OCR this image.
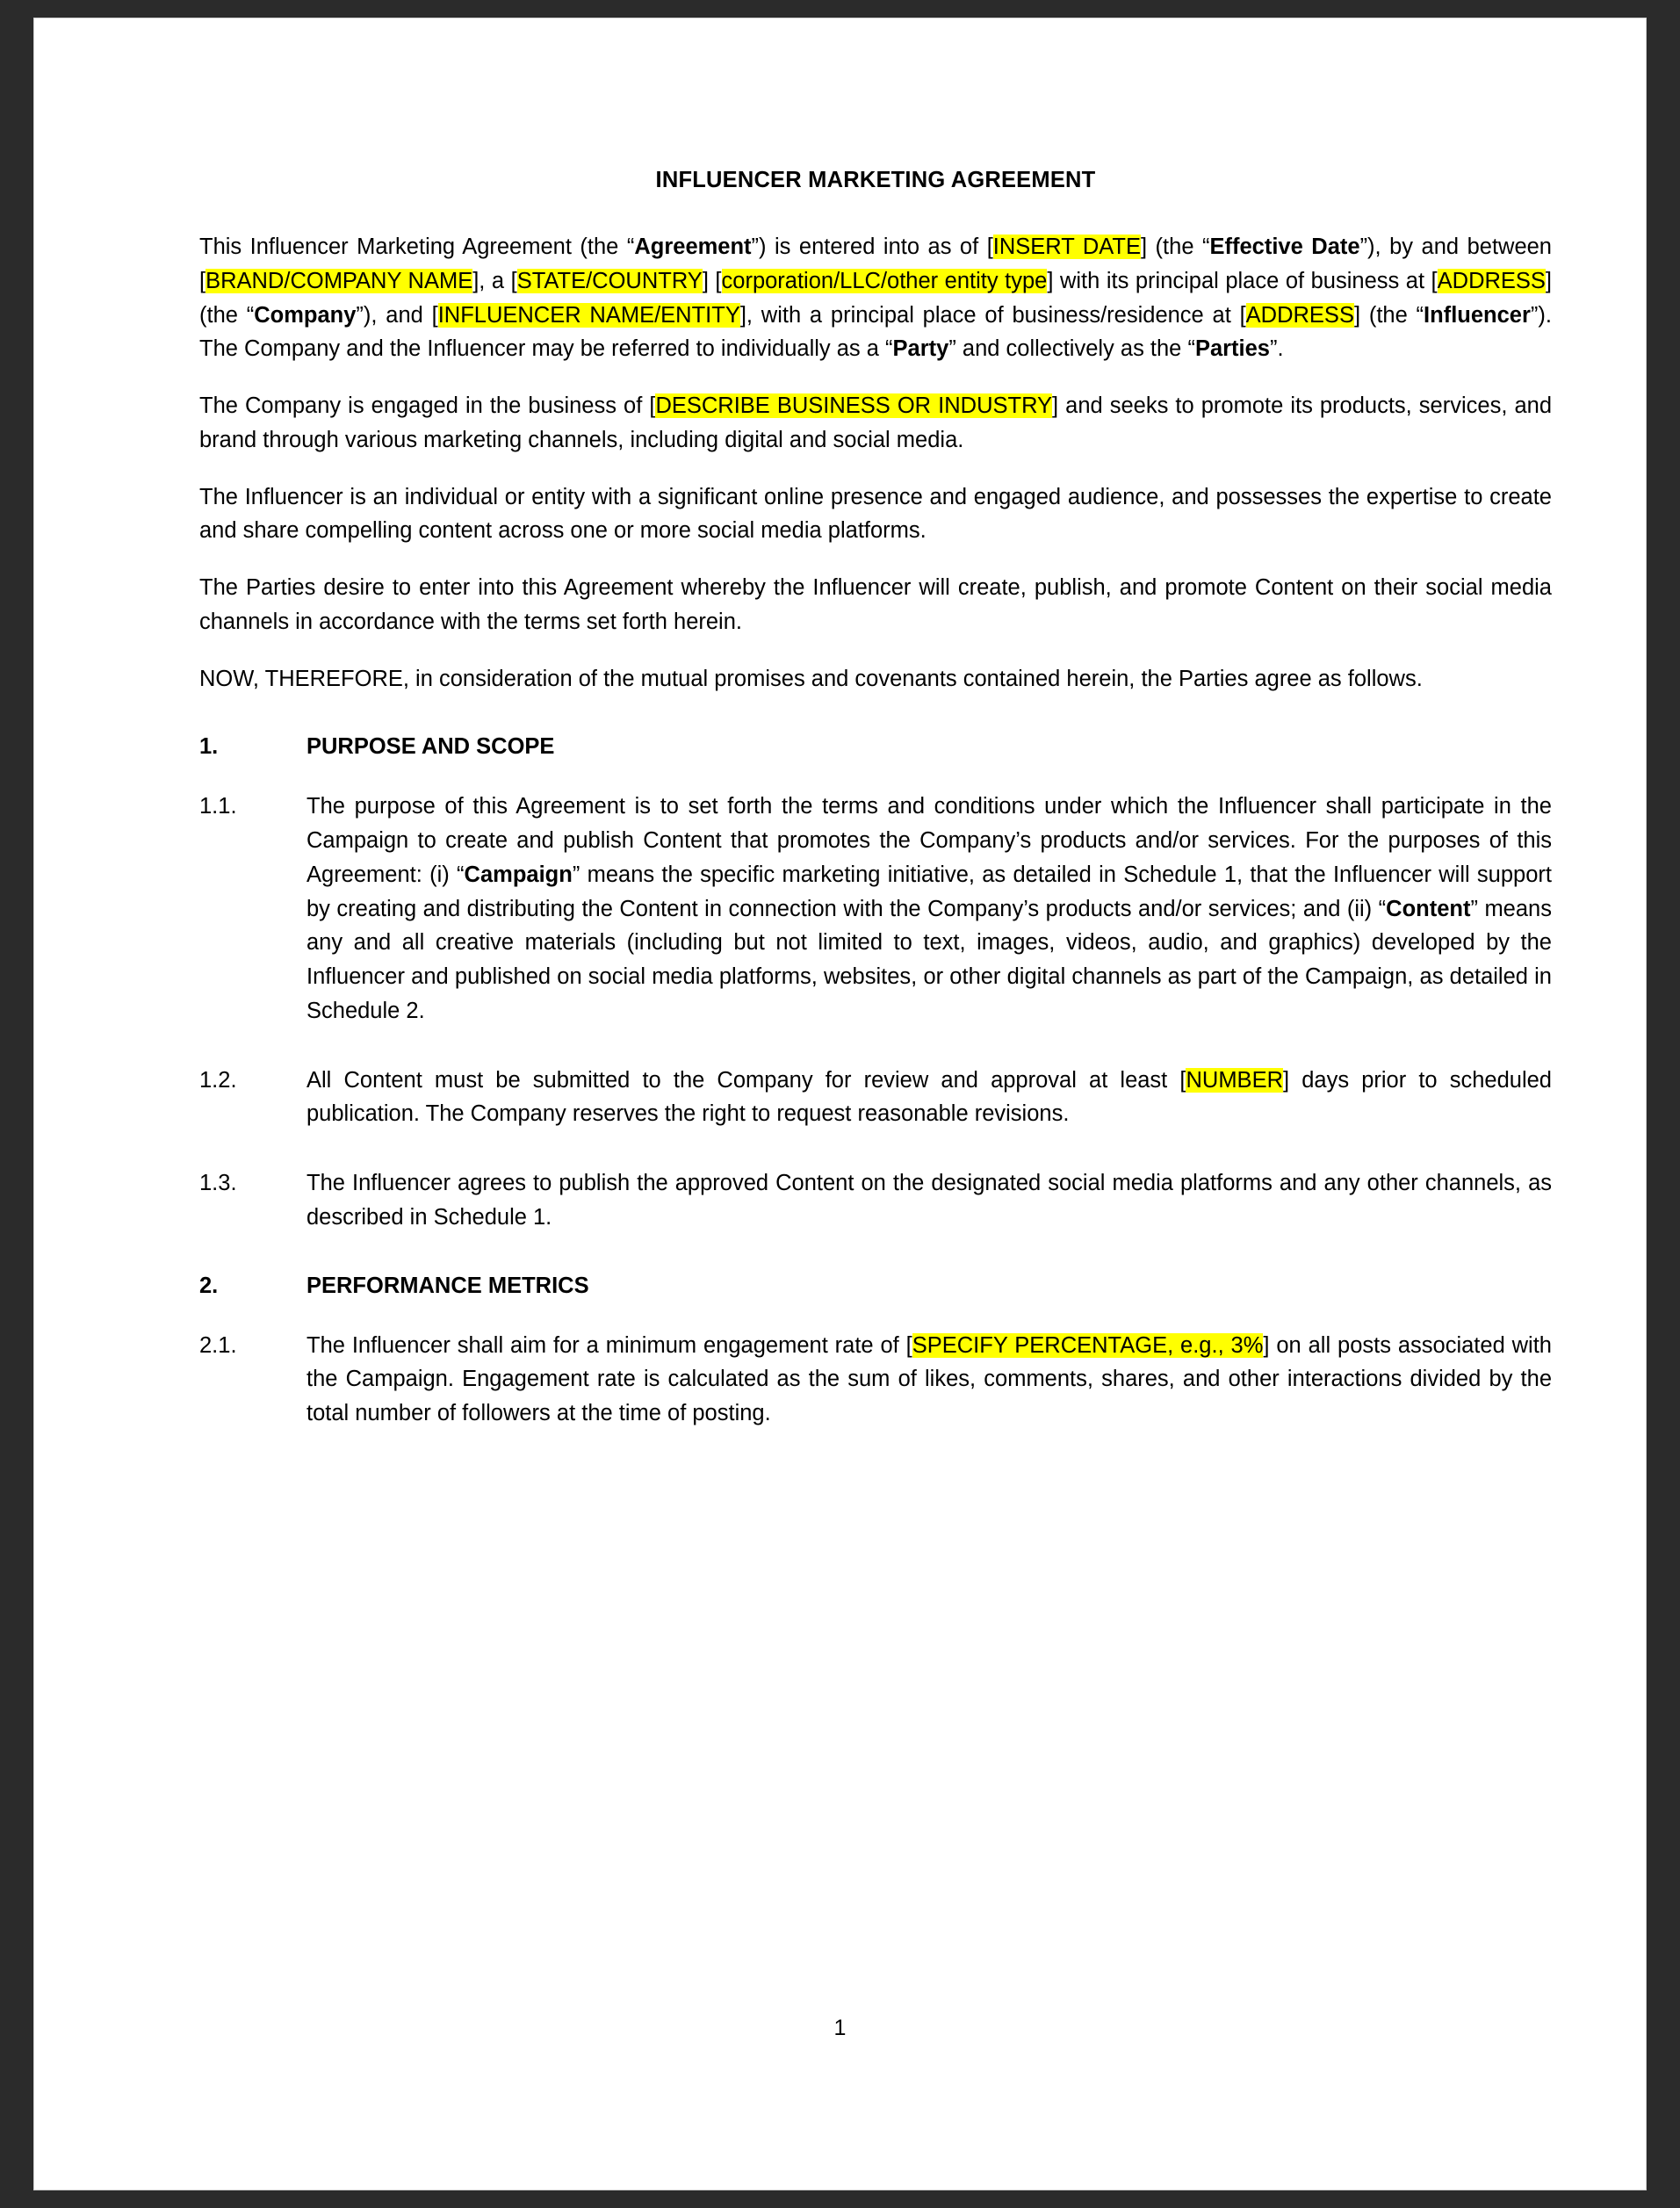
INFLUENCER MARKETING AGREEMENT

This Influencer Marketing Agreement (the “Agreement”) is entered into as of [INSERT DATE] (the “Effective Date”), by and between [BRAND/COMPANY NAME], a [STATE/COUNTRY] [corporation/LLC/other entity type] with its principal place of business at [ADDRESS] (the “Company”), and [INFLUENCER NAME/ENTITY], with a principal place of business/residence at [ADDRESS] (the “Influencer”). The Company and the Influencer may be referred to individually as a “Party” and collectively as the “Parties”.

The Company is engaged in the business of [DESCRIBE BUSINESS OR INDUSTRY] and seeks to promote its products, services, and brand through various marketing channels, including digital and social media.

The Influencer is an individual or entity with a significant online presence and engaged audience, and possesses the expertise to create and share compelling content across one or more social media platforms.

The Parties desire to enter into this Agreement whereby the Influencer will create, publish, and promote Content on their social media channels in accordance with the terms set forth herein.

NOW, THEREFORE, in consideration of the mutual promises and covenants contained herein, the Parties agree as follows.

1.	PURPOSE AND SCOPE
1.1.	The purpose of this Agreement is to set forth the terms and conditions under which the Influencer shall participate in the Campaign to create and publish Content that promotes the Company’s products and/or services. For the purposes of this Agreement: (i) “Campaign” means the specific marketing initiative, as detailed in Schedule 1, that the Influencer will support by creating and distributing the Content in connection with the Company’s products and/or services; and (ii) “Content” means any and all creative materials (including but not limited to text, images, videos, audio, and graphics) developed by the Influencer and published on social media platforms, websites, or other digital channels as part of the Campaign, as detailed in Schedule 2.
1.2.	All Content must be submitted to the Company for review and approval at least [NUMBER] days prior to scheduled publication. The Company reserves the right to request reasonable revisions.
1.3.	The Influencer agrees to publish the approved Content on the designated social media platforms and any other channels, as described in Schedule 1.
2.	PERFORMANCE METRICS
2.1.	The Influencer shall aim for a minimum engagement rate of [SPECIFY PERCENTAGE, e.g., 3%] on all posts associated with the Campaign. Engagement rate is calculated as the sum of likes, comments, shares, and other interactions divided by the total number of followers at the time of posting.
1
